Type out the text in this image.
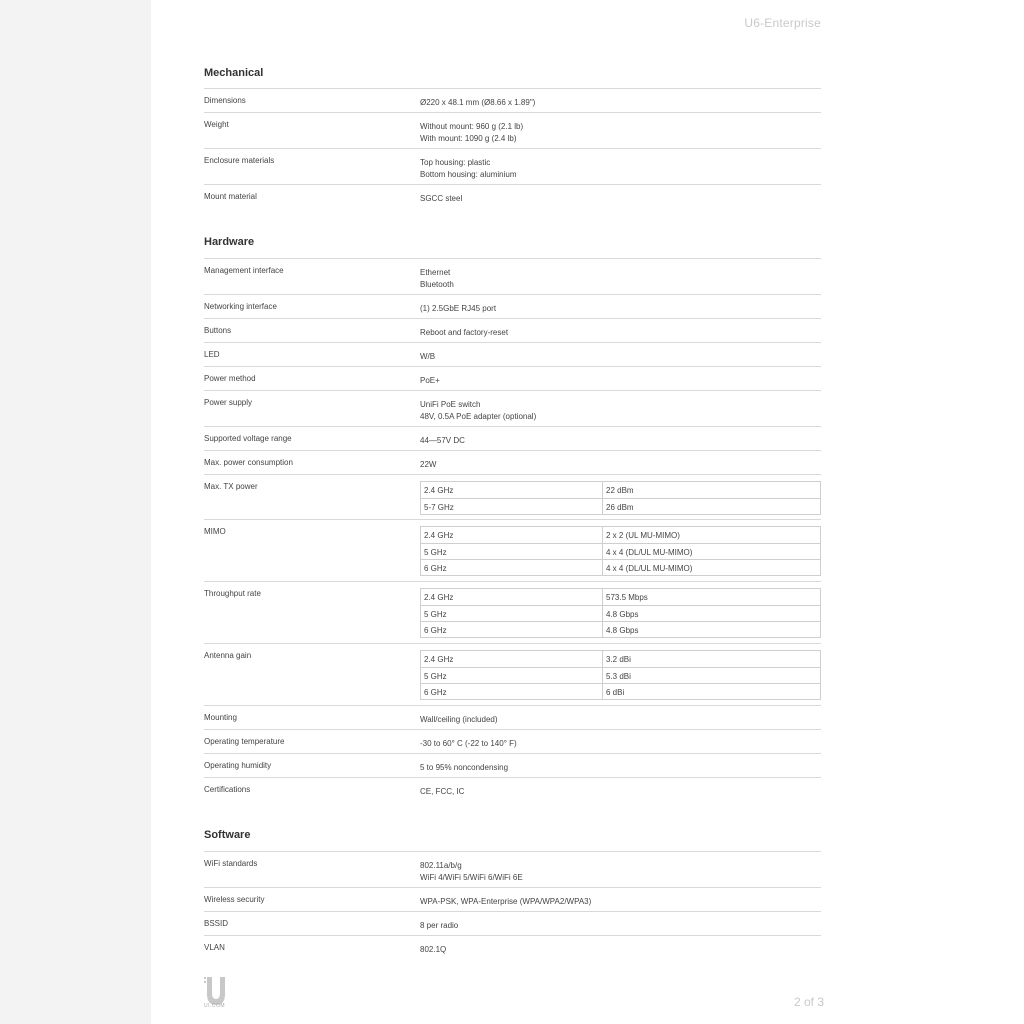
U6-Enterprise
Mechanical
Dimensions	Ø220 x 48.1 mm (Ø8.66 x 1.89")
Weight	Without mount: 960 g (2.1 lb)
With mount: 1090 g (2.4 lb)
Enclosure materials	Top housing: plastic
Bottom housing: aluminium
Mount material	SGCC steel
Hardware
Management interface	Ethernet
Bluetooth
Networking interface	(1) 2.5GbE RJ45 port
Buttons	Reboot and factory-reset
LED	W/B
Power method	PoE+
Power supply	UniFi PoE switch
48V, 0.5A PoE adapter (optional)
Supported voltage range	44—57V DC
Max. power consumption	22W
Max. TX power	2.4 GHz	22 dBm
5-7 GHz	26 dBm
MIMO	2.4 GHz	2 x 2 (UL MU-MIMO)
5 GHz	4 x 4 (DL/UL MU-MIMO)
6 GHz	4 x 4 (DL/UL MU-MIMO)
Throughput rate	2.4 GHz	573.5 Mbps
5 GHz	4.8 Gbps
6 GHz	4.8 Gbps
Antenna gain	2.4 GHz	3.2 dBi
5 GHz	5.3 dBi
6 GHz	6 dBi
Mounting	Wall/ceiling (included)
Operating temperature	-30 to 60° C (-22 to 140° F)
Operating humidity	5 to 95% noncondensing
Certifications	CE, FCC, IC
Software
WiFi standards	802.11a/b/g
WiFi 4/WiFi 5/WiFi 6/WiFi 6E
Wireless security	WPA-PSK, WPA-Enterprise (WPA/WPA2/WPA3)
BSSID	8 per radio
VLAN	802.1Q
UI.COM	2 of 3
